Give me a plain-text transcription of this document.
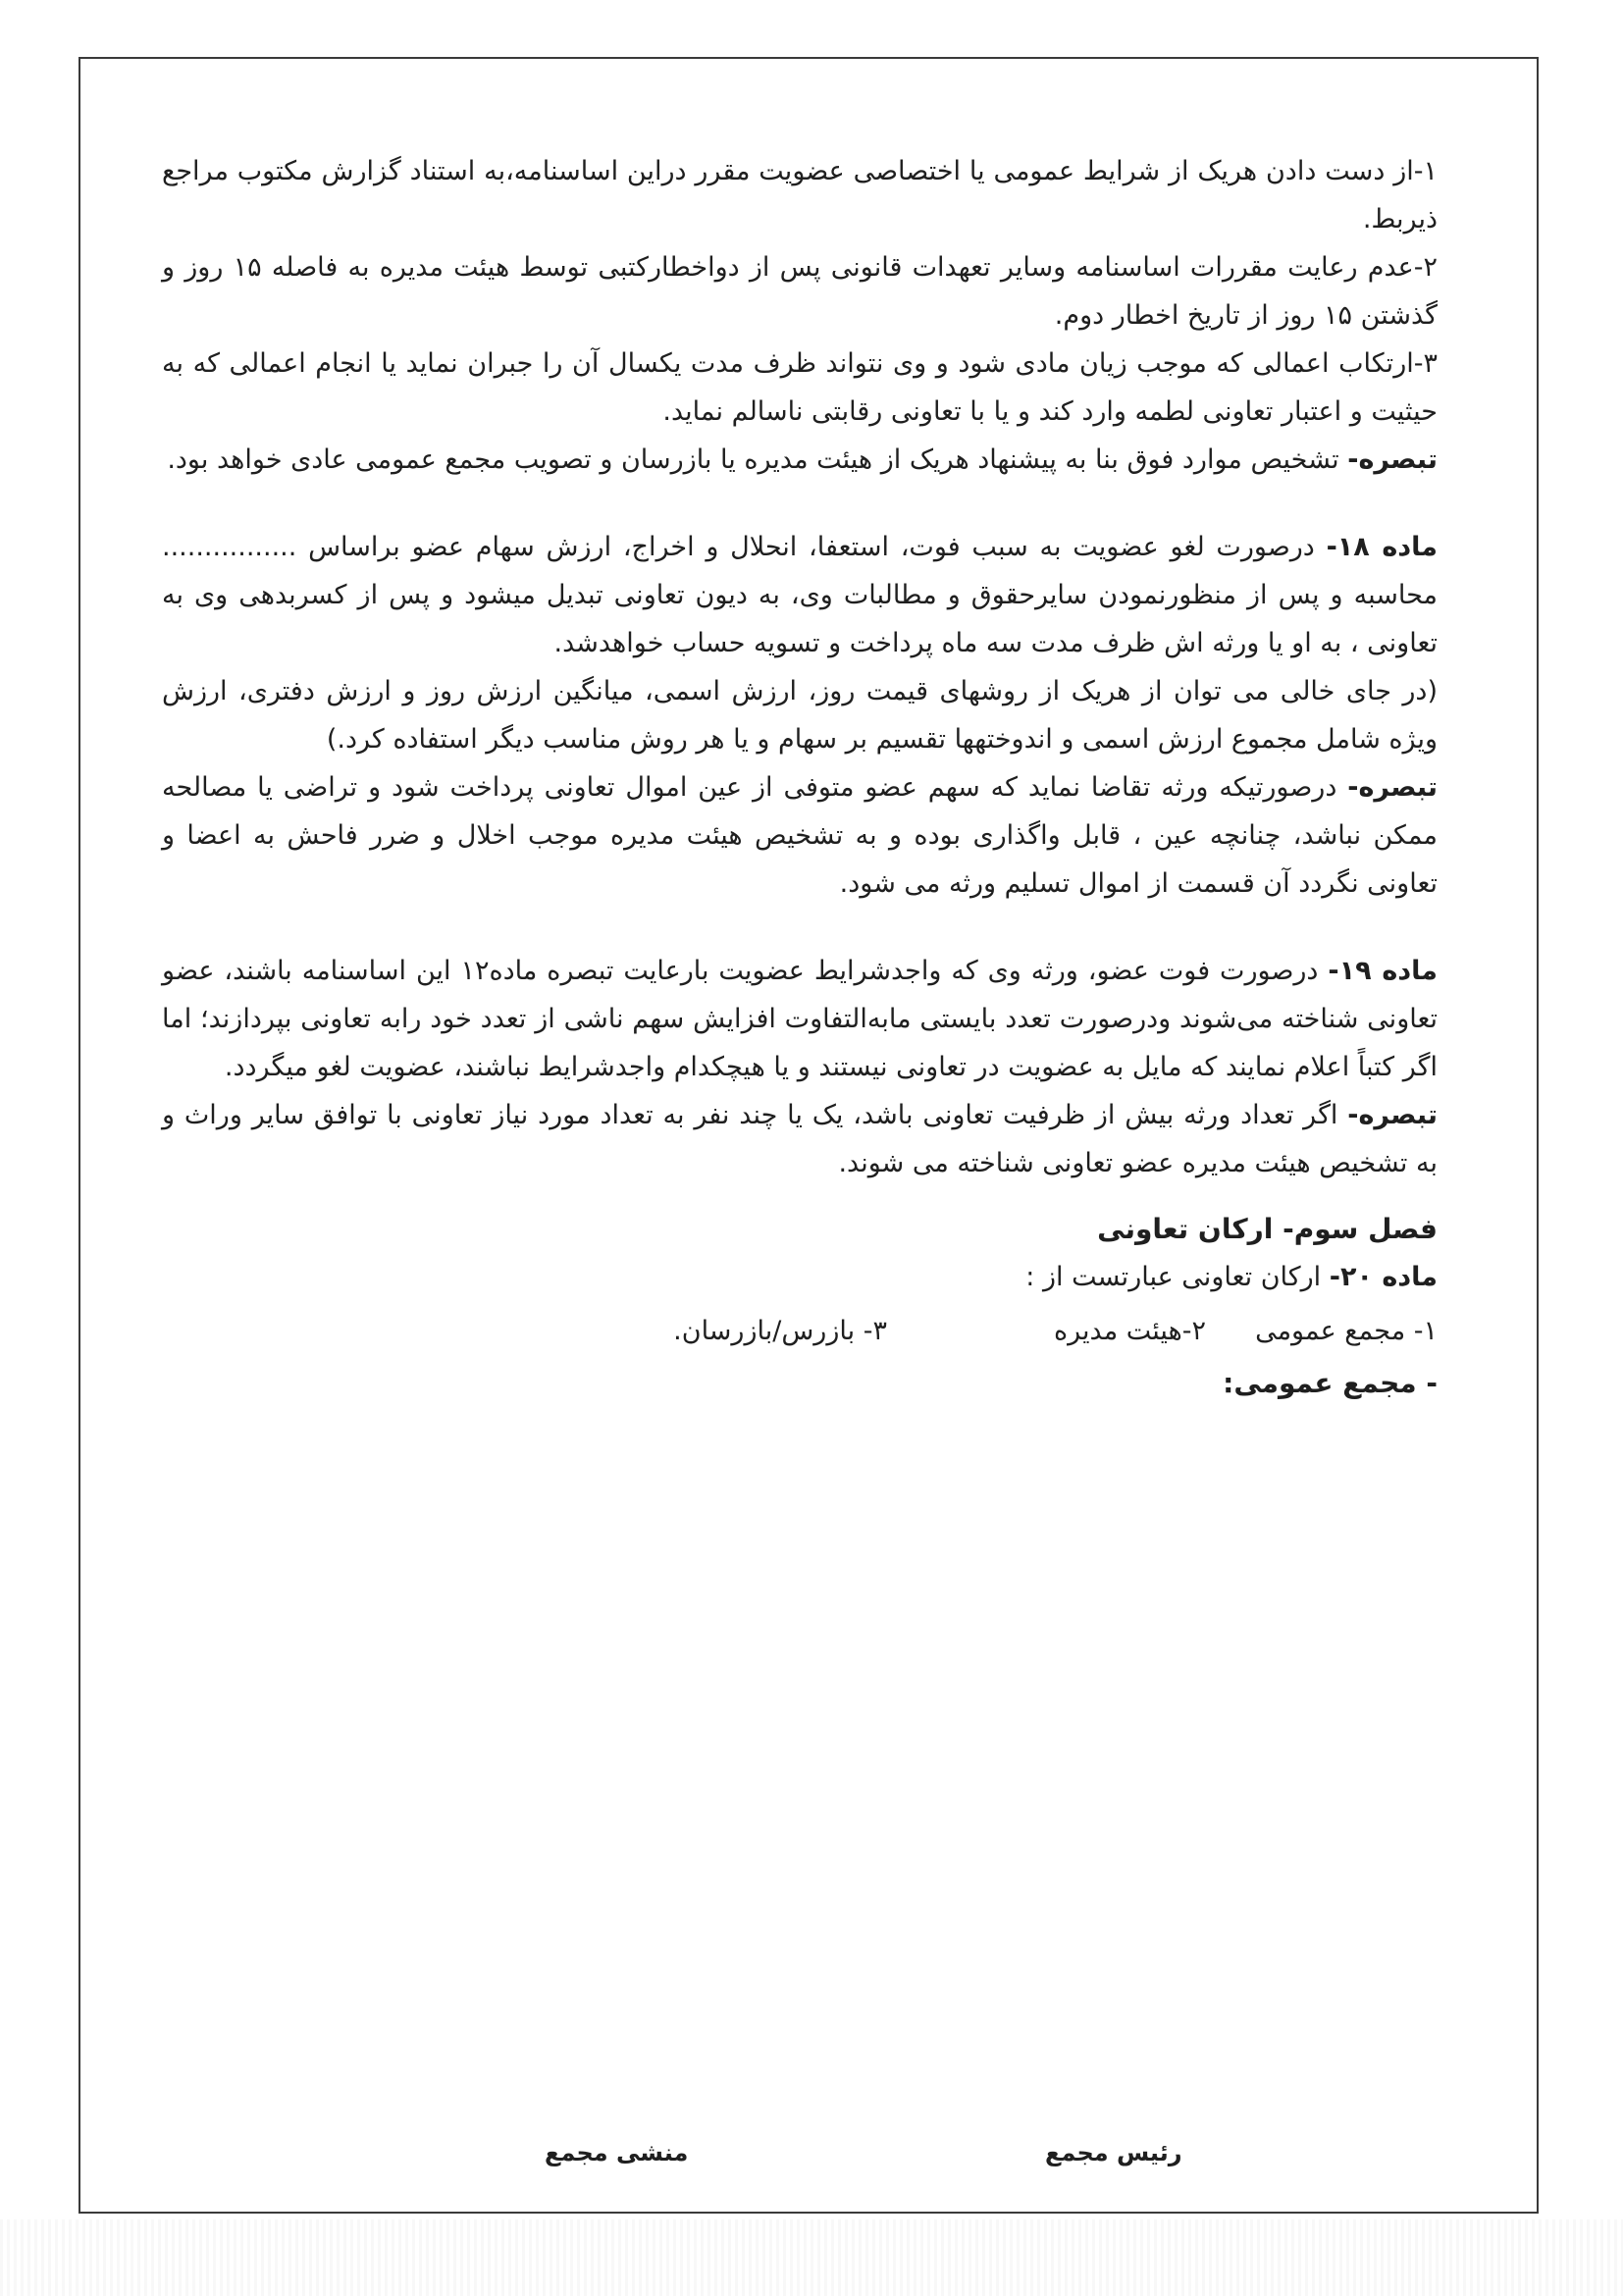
۱-از دست دادن هریک از شرایط عمومی یا اختصاصی عضویت مقرر دراین اساسنامه،به استناد گزارش مکتوب مراجع ذیربط.

۲-عدم رعایت مقررات اساسنامه وسایر تعهدات قانونی پس از دواخطارکتبی توسط هیئت مدیره به فاصله ۱۵ روز و گذشتن ۱۵ روز از تاریخ اخطار دوم.

۳-ارتکاب اعمالی که موجب زیان مادی شود و وی نتواند ظرف مدت یکسال آن را جبران نماید یا انجام اعمالی که به حیثیت و اعتبار تعاونی لطمه وارد کند و یا با تعاونی رقابتی ناسالم نماید.

تبصره- تشخیص موارد فوق بنا به پیشنهاد هریک از هیئت مدیره یا بازرسان و تصویب مجمع عمومی عادی خواهد بود.

ماده ۱۸- درصورت لغو عضویت به سبب فوت، استعفا، انحلال و اخراج، ارزش سهام عضو براساس ................ محاسبه و پس از منظورنمودن سایرحقوق و مطالبات وی، به دیون تعاونی تبدیل میشود و پس از کسربدهی وی به تعاونی ، به او یا ورثه اش ظرف مدت سه ماه پرداخت و تسویه حساب خواهدشد.

(در جای خالی می توان از هریک از روشهای قیمت روز، ارزش اسمی، میانگین ارزش روز و ارزش دفتری، ارزش ویژه شامل مجموع ارزش اسمی و اندوختهها تقسیم بر سهام و یا هر روش مناسب دیگر استفاده کرد.)

تبصره- درصورتیکه ورثه تقاضا نماید که سهم عضو متوفی از عین اموال تعاونی پرداخت شود و تراضی یا مصالحه ممکن نباشد، چنانچه عین ، قابل واگذاری بوده و به تشخیص هیئت مدیره موجب اخلال و ضرر فاحش به اعضا و تعاونی نگردد آن قسمت از اموال تسلیم ورثه می شود.

ماده ۱۹- درصورت فوت عضو، ورثه وی که واجدشرایط عضویت بارعایت تبصره ماده۱۲ این اساسنامه باشند، عضو تعاونی شناخته می‌شوند ودرصورت تعدد بایستی مابه‌التفاوت افزایش سهم ناشی از تعدد خود رابه تعاونی بپردازند؛ اما اگر کتباً اعلام نمایند که مایل به عضویت در تعاونی نیستند و یا هیچکدام واجدشرایط نباشند، عضویت لغو میگردد.

تبصره- اگر تعداد ورثه بیش از ظرفیت تعاونی باشد، یک یا چند نفر به تعداد مورد نیاز تعاونی با توافق سایر وراث و به تشخیص هیئت مدیره عضو تعاونی شناخته می شوند.

فصل سوم- ارکان تعاونی

ماده ۲۰- ارکان تعاونی عبارتست از :

۱- مجمع عمومی
۲-هیئت مدیره
۳- بازرس/بازرسان.

- مجمع عمومی:

رئیس مجمع
منشی مجمع
